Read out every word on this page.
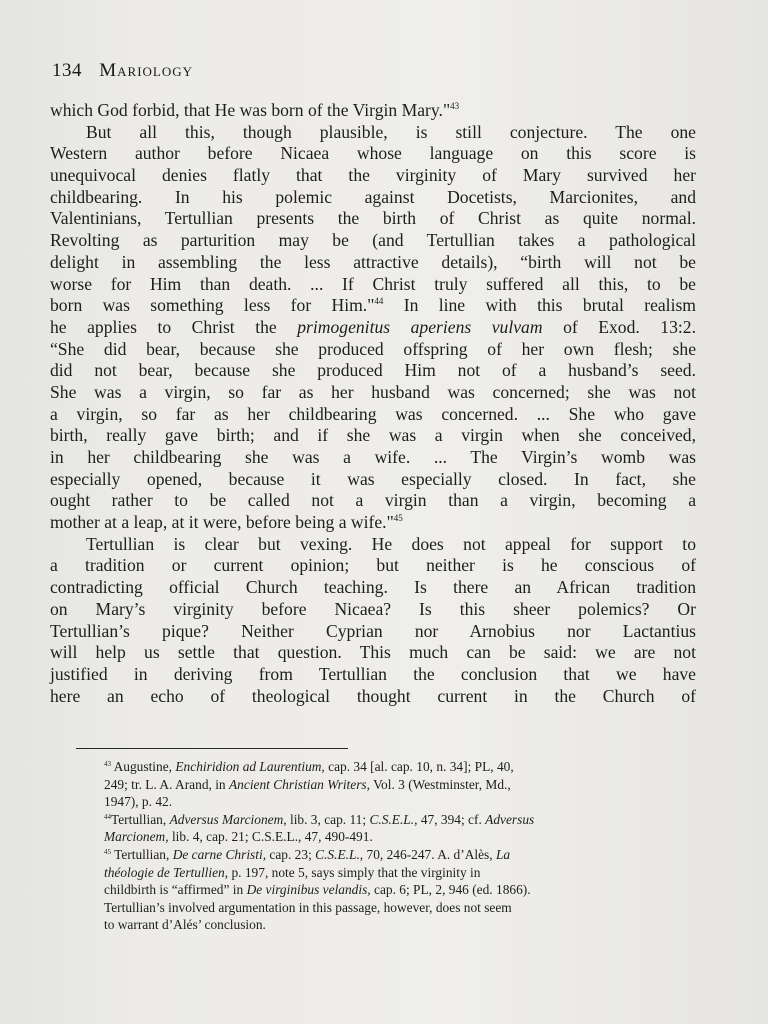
134 Mariology
which God forbid, that He was born of the Virgin Mary."$^{43}$
But all this, though plausible, is still conjecture. The one
Western author before Nicaea whose language on this score is
unequivocal denies flatly that the virginity of Mary survived her
childbearing. In his polemic against Docetists, Marcionites, and
Valentinians, Tertullian presents the birth of Christ as quite normal.
Revolting as parturition may be (and Tertullian takes a pathological
delight in assembling the less attractive details), “birth will not be
worse for Him than death. ... If Christ truly suffered all this, to be
born was something less for Him."$^{44}$ In line with this brutal realism
he applies to Christ the primogenitus aperiens vulvam of Exod. 13:2.
“She did bear, because she produced offspring of her own flesh; she
did not bear, because she produced Him not of a husband’s seed.
She was a virgin, so far as her husband was concerned; she was not
a virgin, so far as her childbearing was concerned. ... She who gave
birth, really gave birth; and if she was a virgin when she conceived,
in her childbearing she was a wife. ... The Virgin’s womb was
especially opened, because it was especially closed. In fact, she
ought rather to be called not a virgin than a virgin, becoming a
mother at a leap, at it were, before being a wife."$^{45}$
Tertullian is clear but vexing. He does not appeal for support to
a tradition or current opinion; but neither is he conscious of
contradicting official Church teaching. Is there an African tradition
on Mary’s virginity before Nicaea? Is this sheer polemics? Or
Tertullian’s pique? Neither Cyprian nor Arnobius nor Lactantius
will help us settle that question. This much can be said: we are not
justified in deriving from Tertullian the conclusion that we have
here an echo of theological thought current in the Church of
$^{43}$ Augustine, Enchiridion ad Laurentium, cap. 34 [al. cap. 10, n. 34]; PL, 40,
249; tr. L. A. Arand, in Ancient Christian Writers, Vol. 3 (Westminster, Md.,
1947), p. 42.
$^{44}$Tertullian, Adversus Marcionem, lib. 3, cap. 11; C.S.E.L., 47, 394; cf. Adversus
Marcionem, lib. 4, cap. 21; C.S.E.L., 47, 490-491.
$^{45}$ Tertullian, De carne Christi, cap. 23; C.S.E.L., 70, 246-247. A. d’Alès, La
théologie de Tertullien, p. 197, note 5, says simply that the virginity in
childbirth is “affirmed” in De virginibus velandis, cap. 6; PL, 2, 946 (ed. 1866).
Tertullian’s involved argumentation in this passage, however, does not seem
to warrant d’Alés’ conclusion.
